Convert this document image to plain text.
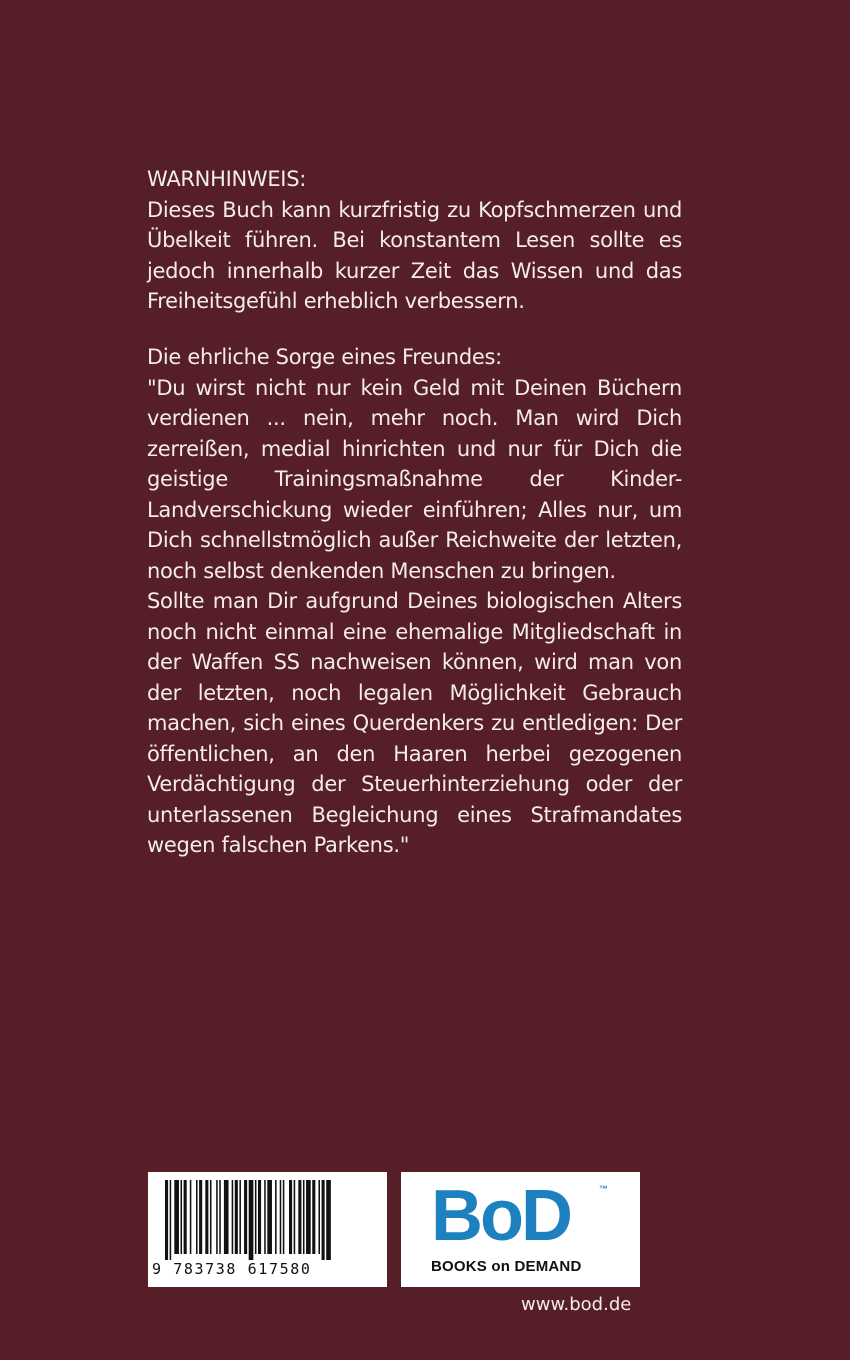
WARNHINWEIS:

Dieses Buch kann kurzfristig zu Kopfschmerzen und Übelkeit führen. Bei konstantem Lesen sollte es jedoch innerhalb kurzer Zeit das Wissen und das Freiheitsgefühl erheblich verbessern.

Die ehrliche Sorge eines Freundes:

"Du wirst nicht nur kein Geld mit Deinen Büchern verdienen ... nein, mehr noch. Man wird Dich zerreißen, medial hinrichten und nur für Dich die geistige Trainingsmaßnahme der Kinder-Landverschickung wieder einführen; Alles nur, um Dich schnellstmöglich außer Reichweite der letzten, noch selbst denkenden Menschen zu bringen.

Sollte man Dir aufgrund Deines biologischen Alters noch nicht einmal eine ehemalige Mitgliedschaft in der Waffen SS nachweisen können, wird man von der letzten, noch legalen Möglichkeit Gebrauch machen, sich eines Querdenkers zu entledigen: Der öffentlichen, an den Haaren herbei gezogenen Verdächtigung der Steuerhinterziehung oder der unterlassenen Begleichung eines Strafmandates wegen falschen Parkens."

9 783738 617580
BoD	™
BOOKS on DEMAND
www.bod.de
